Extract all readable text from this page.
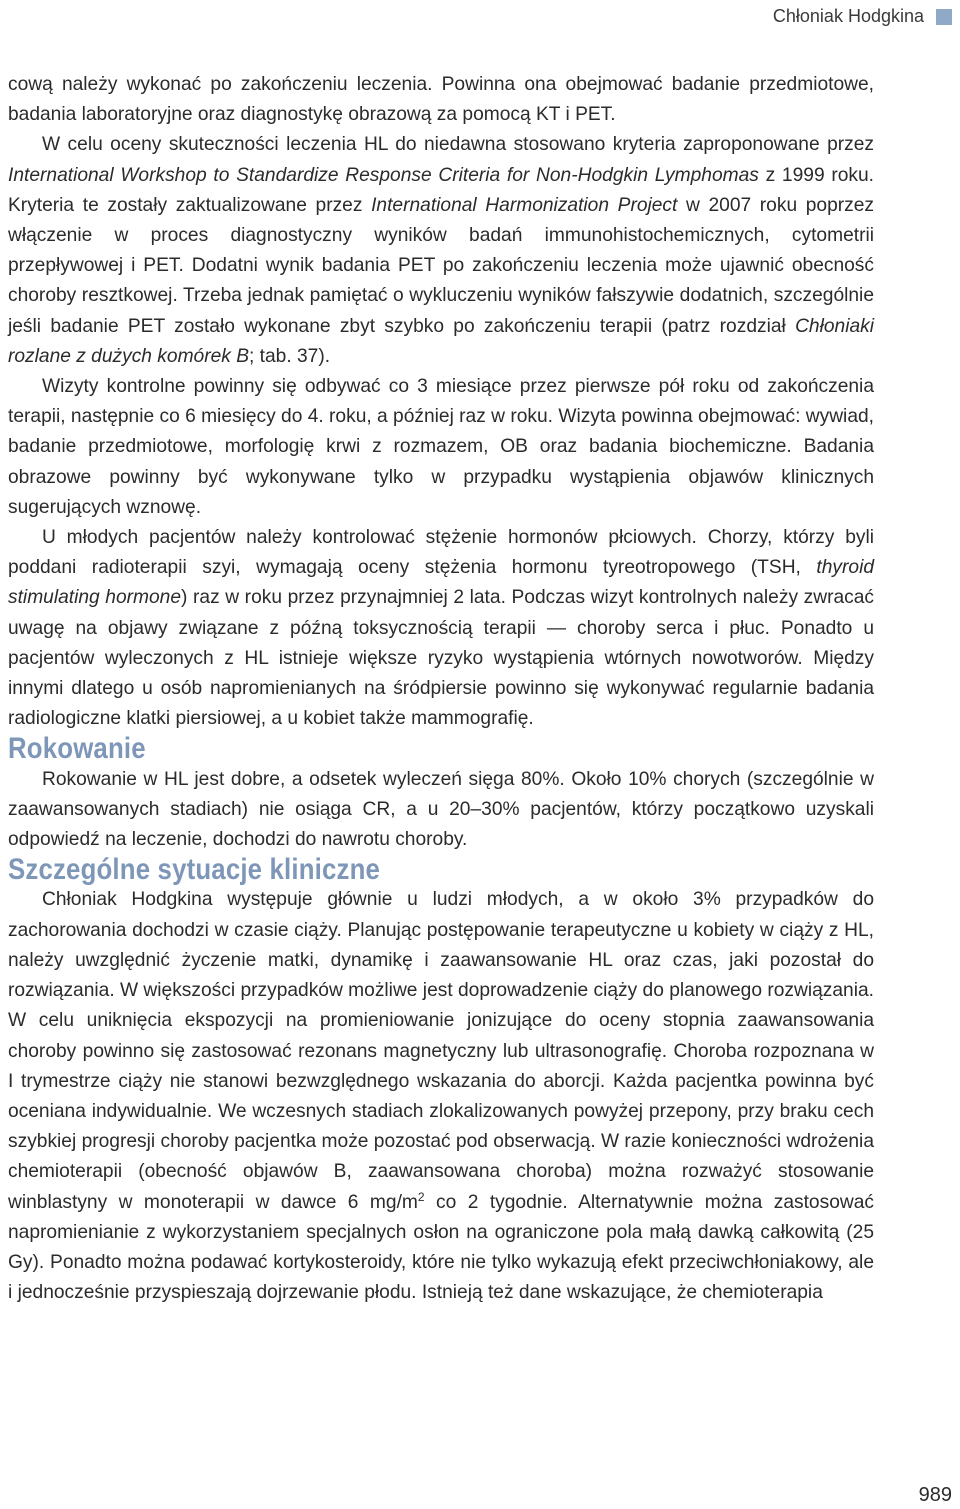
Chłoniak Hodgkina

cową należy wykonać po zakończeniu leczenia. Powinna ona obejmować badanie przedmiotowe, badania laboratoryjne oraz diagnostykę obrazową za pomocą KT i PET.

W celu oceny skuteczności leczenia HL do niedawna stosowano kryteria zaproponowane przez International Workshop to Standardize Response Criteria for Non-Hodgkin Lymphomas z 1999 roku. Kryteria te zostały zaktualizowane przez International Harmonization Project w 2007 roku poprzez włączenie w proces diagnostyczny wyników badań immunohistochemicznych, cytometrii przepływowej i PET. Dodatni wynik badania PET po zakończeniu leczenia może ujawnić obecność choroby resztkowej. Trzeba jednak pamiętać o wykluczeniu wyników fałszywie dodatnich, szczególnie jeśli badanie PET zostało wykonane zbyt szybko po zakończeniu terapii (patrz rozdział Chłoniaki rozlane z dużych komórek B; tab. 37).

Wizyty kontrolne powinny się odbywać co 3 miesiące przez pierwsze pół roku od zakończenia terapii, następnie co 6 miesięcy do 4. roku, a później raz w roku. Wizyta powinna obejmować: wywiad, badanie przedmiotowe, morfologię krwi z rozmazem, OB oraz badania biochemiczne. Badania obrazowe powinny być wykonywane tylko w przypadku wystąpienia objawów klinicznych sugerujących wznowę.

U młodych pacjentów należy kontrolować stężenie hormonów płciowych. Chorzy, którzy byli poddani radioterapii szyi, wymagają oceny stężenia hormonu tyreotropowego (TSH, thyroid stimulating hormone) raz w roku przez przynajmniej 2 lata. Podczas wizyt kontrolnych należy zwracać uwagę na objawy związane z późną toksycznością terapii — choroby serca i płuc. Ponadto u pacjentów wyleczonych z HL istnieje większe ryzyko wystąpienia wtórnych nowotworów. Między innymi dlatego u osób napromienianych na śródpiersie powinno się wykonywać regularnie badania radiologiczne klatki piersiowej, a u kobiet także mammografię.

Rokowanie

Rokowanie w HL jest dobre, a odsetek wyleczeń sięga 80%. Około 10% chorych (szczególnie w zaawansowanych stadiach) nie osiąga CR, a u 20–30% pacjentów, którzy początkowo uzyskali odpowiedź na leczenie, dochodzi do nawrotu choroby.

Szczególne sytuacje kliniczne

Chłoniak Hodgkina występuje głównie u ludzi młodych, a w około 3% przypadków do zachorowania dochodzi w czasie ciąży. Planując postępowanie terapeutyczne u kobiety w ciąży z HL, należy uwzględnić życzenie matki, dynamikę i zaawansowanie HL oraz czas, jaki pozostał do rozwiązania. W większości przypadków możliwe jest doprowadzenie ciąży do planowego rozwiązania. W celu uniknięcia ekspozycji na promieniowanie jonizujące do oceny stopnia zaawansowania choroby powinno się zastosować rezonans magnetyczny lub ultrasonografię. Choroba rozpoznana w I trymestrze ciąży nie stanowi bezwzględnego wskazania do aborcji. Każda pacjentka powinna być oceniana indywidualnie. We wczesnych stadiach zlokalizowanych powyżej przepony, przy braku cech szybkiej progresji choroby pacjentka może pozostać pod obserwacją. W razie konieczności wdrożenia chemioterapii (obecność objawów B, zaawansowana choroba) można rozważyć stosowanie winblastyny w monoterapii w dawce 6 $mg/m^2$ co 2 tygodnie. Alternatywnie można zastosować napromienianie z wykorzystaniem specjalnych osłon na ograniczone pola małą dawką całkowitą (25 Gy). Ponadto można podawać kortykosteroidy, które nie tylko wykazują efekt przeciwchłoniakowy, ale i jednocześnie przyspieszają dojrzewanie płodu. Istnieją też dane wskazujące, że chemioterapia

989
